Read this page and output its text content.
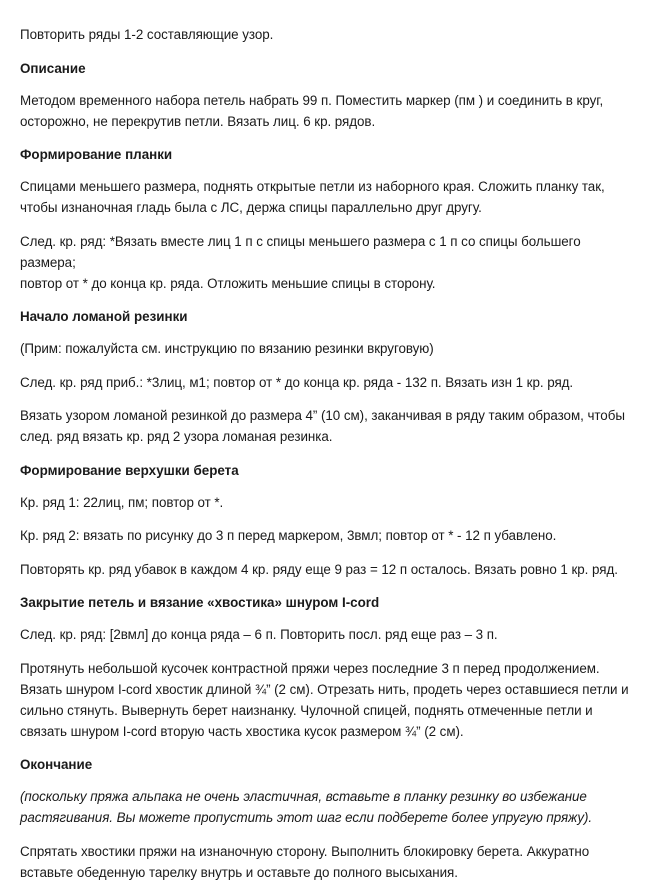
Повторить ряды 1-2 составляющие узор.
Описание
Методом временного набора петель набрать 99 п. Поместить маркер (пм ) и соединить в круг,
осторожно, не перекрутив петли. Вязать лиц. 6 кр. рядов.
Формирование планки
Спицами меньшего размера, поднять открытые петли из наборного края. Сложить планку так,
чтобы изнаночная гладь была с ЛС, держа спицы параллельно друг другу.
След. кр. ряд: *Вязать вместе лиц 1 п с спицы меньшего размера с 1 п со спицы большего размера;
повтор от * до конца кр. ряда. Отложить меньшие спицы в сторону.
Начало ломаной резинки
(Прим: пожалуйста см. инструкцию по вязанию резинки вкруговую)
След. кр. ряд приб.: *3лиц, м1; повтор от * до конца кр. ряда - 132 п. Вязать изн 1 кр. ряд.
Вязать узором ломаной резинкой до размера 4” (10 см), заканчивая в ряду таким образом, чтобы
след. ряд вязать кр. ряд 2 узора ломаная резинка.
Формирование верхушки берета
Кр. ряд 1: 22лиц, пм; повтор от *.
Кр. ряд 2: вязать по рисунку до 3 п перед маркером, 3вмл; повтор от * - 12 п убавлено.
Повторять кр. ряд убавок в каждом 4 кр. ряду еще 9 раз = 12 п осталось. Вязать ровно 1 кр. ряд.
Закрытие петель и вязание «хвостика» шнуром I-cord
След. кр. ряд: [2вмл] до конца ряда – 6 п. Повторить посл. ряд еще раз – 3 п.
Протянуть небольшой кусочек контрастной пряжи через последние 3 п перед продолжением.
Вязать шнуром I-cord хвостик длиной ¾” (2 см). Отрезать нить, продеть через оставшиеся петли и
сильно стянуть. Вывернуть берет наизнанку. Чулочной спицей, поднять отмеченные петли и
связать шнуром I-cord вторую часть хвостика кусок размером ¾” (2 см).
Окончание
(поскольку пряжа альпака не очень эластичная, вставьте в планку резинку во избежание
растягивания. Вы можете пропустить этот шаг если подберете более упругую пряжу).
Спрятать хвостики пряжи на изнаночную сторону. Выполнить блокировку берета. Аккуратно
вставьте обеденную тарелку внутрь и оставьте до полного высыхания.
